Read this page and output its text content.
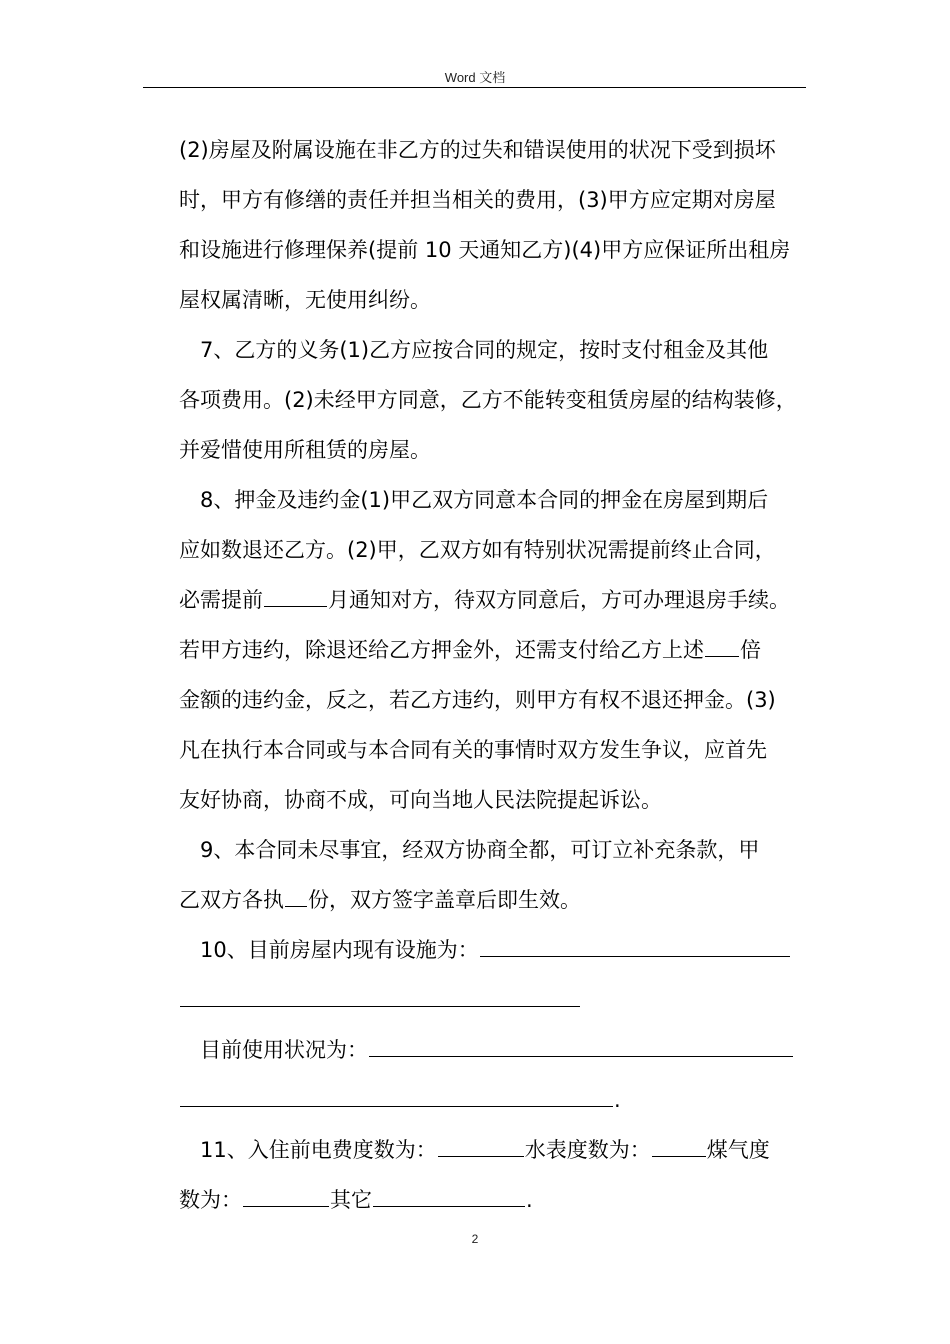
Word 文档
(2)房屋及附属设施在非乙方的过失和错误使用的状况下受到损坏
时，甲方有修缮的责任并担当相关的费用，(3)甲方应定期对房屋
和设施进行修理保养(提前 10 天通知乙方)(4)甲方应保证所出租房
屋权属清晰，无使用纠纷。
7、乙方的义务(1)乙方应按合同的规定，按时支付租金及其他
各项费用。(2)未经甲方同意，乙方不能转变租赁房屋的结构装修，
并爱惜使用所租赁的房屋。
8、押金及违约金(1)甲乙双方同意本合同的押金在房屋到期后
应如数退还乙方。(2)甲，乙双方如有特别状况需提前终止合同，
必需提前	月通知对方，待双方同意后，方可办理退房手续。
若甲方违约，除退还给乙方押金外，还需支付给乙方上述 倍
金额的违约金，反之，若乙方违约，则甲方有权不退还押金。(3)
凡在执行本合同或与本合同有关的事情时双方发生争议，应首先
友好协商，协商不成，可向当地人民法院提起诉讼。
9、本合同未尽事宜，经双方协商全都，可订立补充条款，甲
乙双方各执 份，双方签字盖章后即生效。
10、目前房屋内现有设施为：
目前使用状况为：
.
11、入住前电费度数为：	水表度数为：	煤气度
数为：	其它	.
2
